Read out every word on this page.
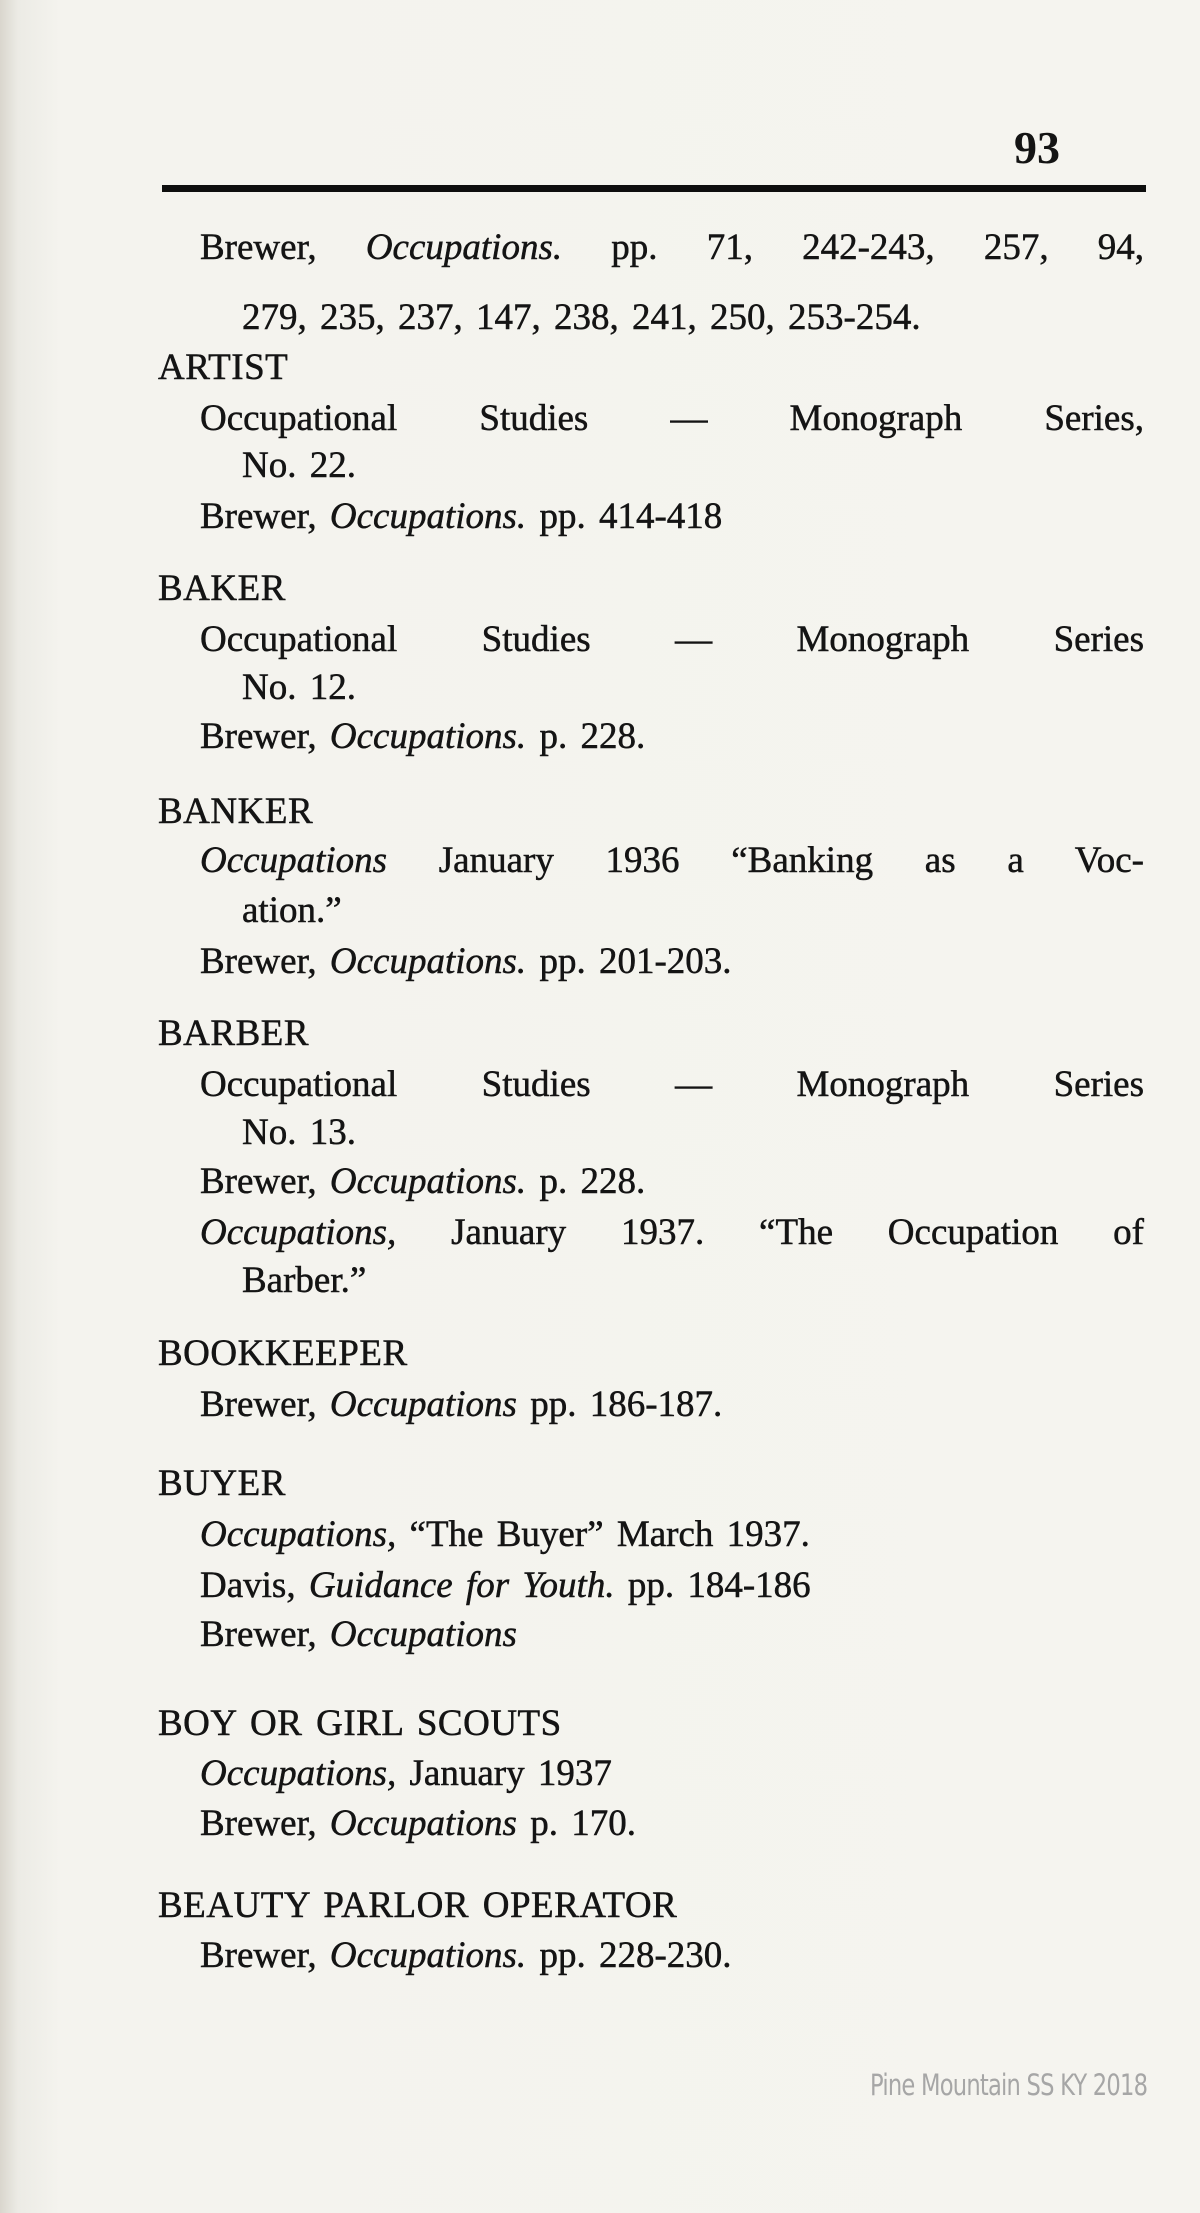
93
Brewer, Occupations. pp. 71, 242-243, 257, 94,
279, 235, 237, 147, 238, 241, 250, 253-254.
ARTIST
Occupational Studies — Monograph Series,
No. 22.
Brewer, Occupations. pp. 414-418
BAKER
Occupational Studies — Monograph Series
No. 12.
Brewer, Occupations. p. 228.
BANKER
Occupations January 1936 “Banking as a Voc-
ation.”
Brewer, Occupations. pp. 201-203.
BARBER
Occupational Studies — Monograph Series
No. 13.
Brewer, Occupations. p. 228.
Occupations, January 1937. “The Occupation of
Barber.”
BOOKKEEPER
Brewer, Occupations pp. 186-187.
BUYER
Occupations, “The Buyer” March 1937.
Davis, Guidance for Youth. pp. 184-186
Brewer, Occupations
BOY OR GIRL SCOUTS
Occupations, January 1937
Brewer, Occupations p. 170.
BEAUTY PARLOR OPERATOR
Brewer, Occupations. pp. 228-230.
Pine Mountain SS KY 2018
